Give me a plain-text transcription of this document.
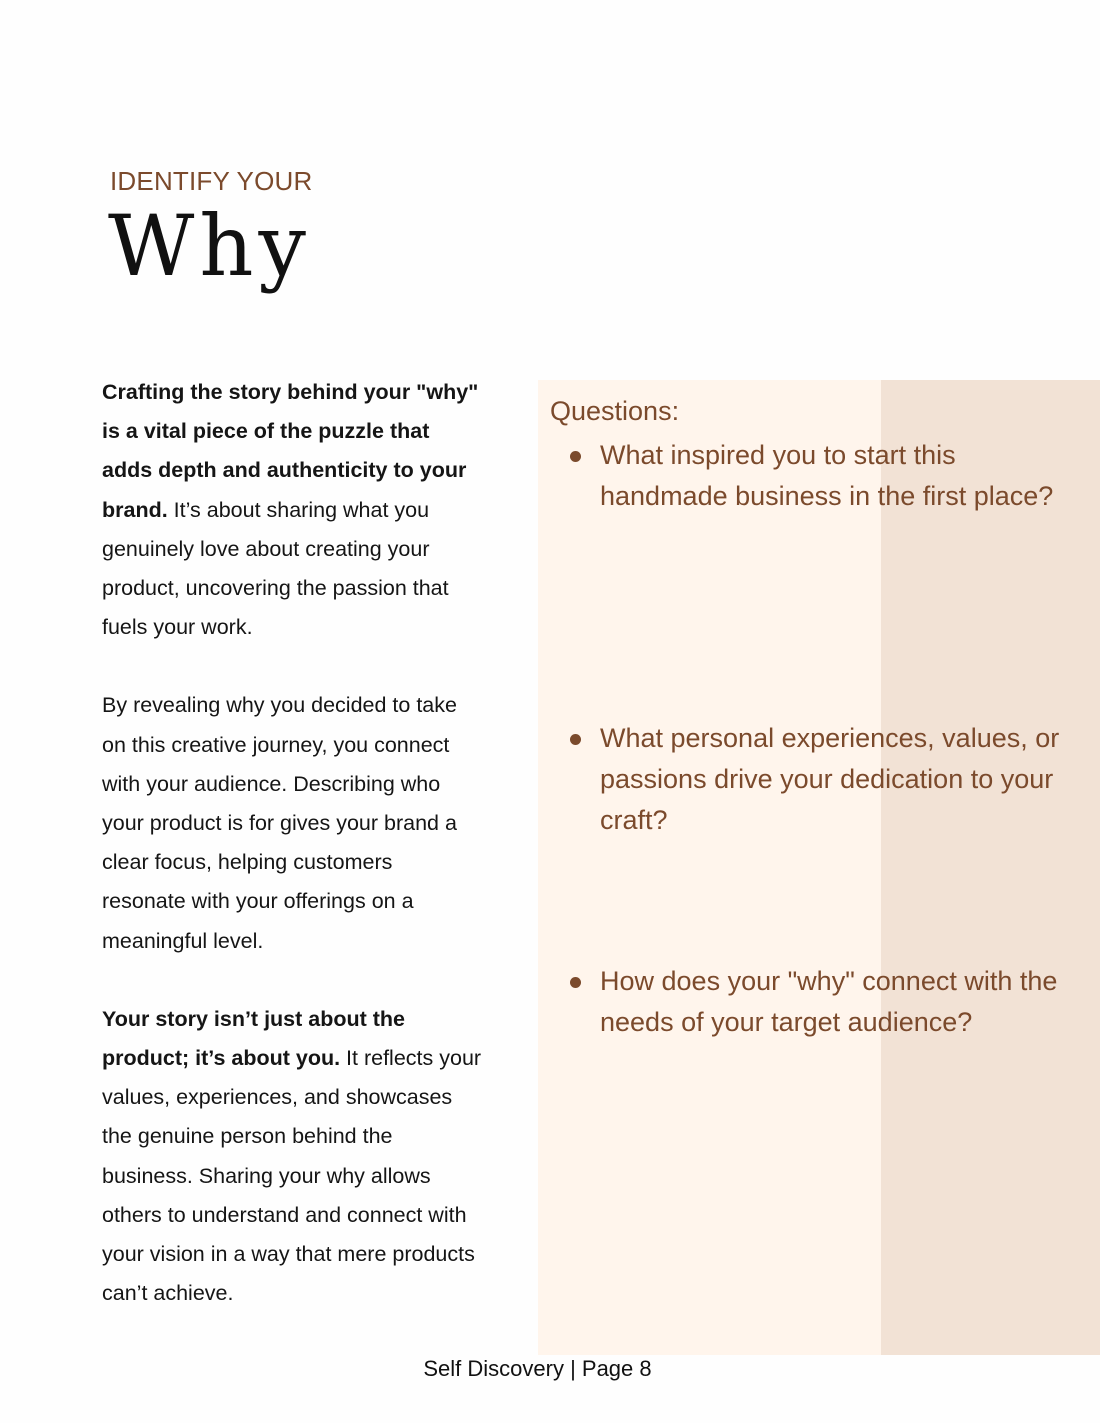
IDENTIFY YOUR
Why

Crafting the story behind your "why" is a vital piece of the puzzle that adds depth and authenticity to your brand. It’s about sharing what you genuinely love about creating your product, uncovering the passion that fuels your work.

By revealing why you decided to take on this creative journey, you connect with your audience. Describing who your product is for gives your brand a clear focus, helping customers resonate with your offerings on a meaningful level.

Your story isn’t just about the product; it’s about you. It reflects your values, experiences, and showcases the genuine person behind the business. Sharing your why allows others to understand and connect with your vision in a way that mere products can’t achieve.

Questions:
What inspired you to start this handmade business in the first place?
What personal experiences, values, or passions drive your dedication to your craft?
How does your "why" connect with the needs of your target audience?
Self Discovery | Page 8
